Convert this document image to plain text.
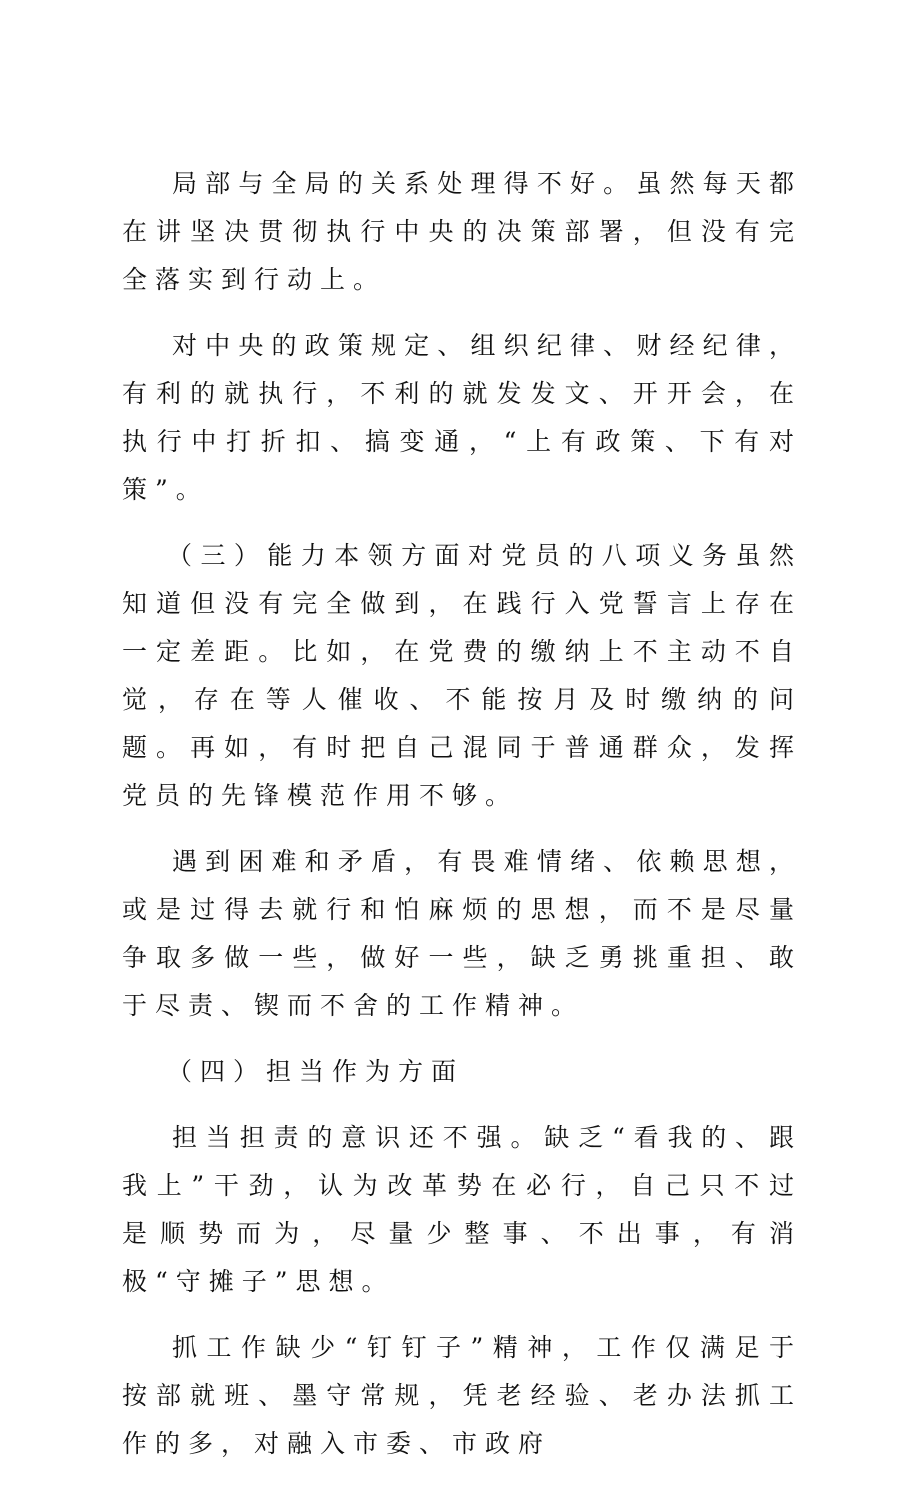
局部与全局的关系处理得不好。虽然每天都在讲坚决贯彻执行中央的决策部署，但没有完全落实到行动上。

对中央的政策规定、组织纪律、财经纪律，有利的就执行，不利的就发发文、开开会，在执行中打折扣、搞变通，“上有政策、下有对策”。

（三）能力本领方面对党员的八项义务虽然知道但没有完全做到，在践行入党誓言上存在一定差距。比如，在党费的缴纳上不主动不自觉，存在等人催收、不能按月及时缴纳的问题。再如，有时把自己混同于普通群众，发挥党员的先锋模范作用不够。

遇到困难和矛盾，有畏难情绪、依赖思想，或是过得去就行和怕麻烦的思想，而不是尽量争取多做一些，做好一些，缺乏勇挑重担、敢于尽责、锲而不舍的工作精神。

（四）担当作为方面

担当担责的意识还不强。缺乏“看我的、跟我上”干劲，认为改革势在必行，自己只不过是顺势而为，尽量少整事、不出事，有消极“守摊子”思想。

抓工作缺少“钉钉子”精神，工作仅满足于按部就班、墨守常规，凭老经验、老办法抓工作的多，对融入市委、市政府
